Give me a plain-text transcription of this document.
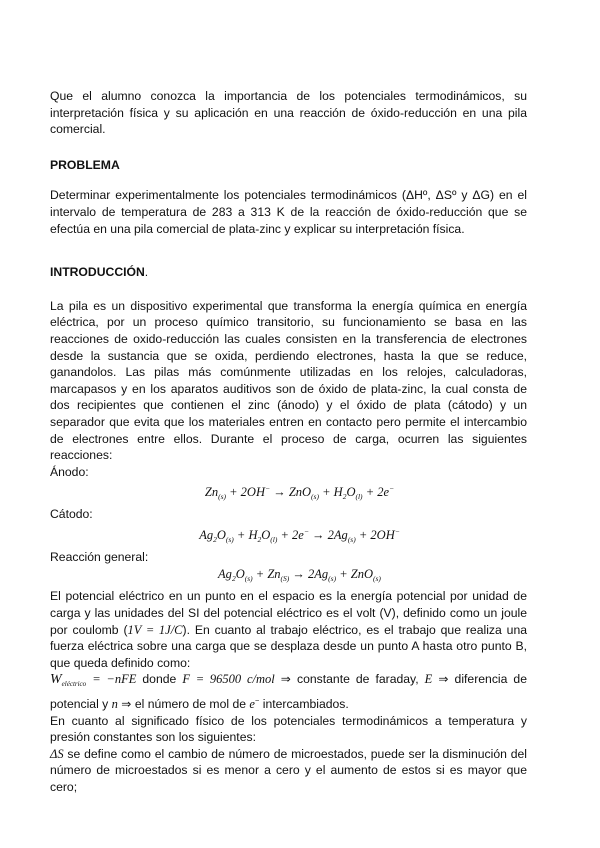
Que el alumno conozca la importancia de los potenciales termodinámicos, su interpretación física y su aplicación en una reacción de óxido-reducción en una pila comercial.

PROBLEMA

Determinar experimentalmente los potenciales termodinámicos (ΔHº, ΔSº y ΔG) en el intervalo de temperatura de 283 a 313 K de la reacción de óxido-reducción que se efectúa en una pila comercial de plata-zinc y explicar su interpretación física.

INTRODUCCIÓN.

La pila es un dispositivo experimental que transforma la energía química en energía eléctrica, por un proceso químico transitorio, su funcionamiento se basa en las reacciones de oxido-reducción las cuales consisten en la transferencia de electrones desde la sustancia que se oxida, perdiendo electrones, hasta la que se reduce, ganandolos. Las pilas más comúnmente utilizadas en los relojes, calculadoras, marcapasos y en los aparatos auditivos son de óxido de plata-zinc, la cual consta de dos recipientes que contienen el zinc (ánodo) y el óxido de plata (cátodo) y un separador que evita que los materiales entren en contacto pero permite el intercambio de electrones entre ellos. Durante el proceso de carga, ocurren las siguientes reacciones:

Ánodo:
$Zn_{(s)} + 2OH^- \to ZnO_{(s)} + H_2O_{(l)} + 2e^-$
Cátodo:
$Ag_2O_{(s)} + H_2O_{(l)} + 2e^- \to 2Ag_{(s)} + 2OH^-$
Reacción general:
$Ag_2O_{(s)} + Zn_{(S)} \to 2Ag_{(s)} + ZnO_{(s)}$

El potencial eléctrico en un punto en el espacio es la energía potencial por unidad de carga y las unidades del SI del potencial eléctrico es el volt (V), definido como un joule por coulomb (1V = 1J/C). En cuanto al trabajo eléctrico, es el trabajo que realiza una fuerza eléctrica sobre una carga que se desplaza desde un punto A hasta otro punto B, que queda definido como:

$W_{eléctrico} = -nFE$ donde F = 96500 c/mol ⇒ constante de faraday, E ⇒ diferencia de

potencial y n ⇒ el número de mol de e− intercambiados.

En cuanto al significado físico de los potenciales termodinámicos a temperatura y presión constantes son los siguientes:

ΔS se define como el cambio de número de microestados, puede ser la disminución del número de microestados si es menor a cero y el aumento de estos si es mayor que cero;
